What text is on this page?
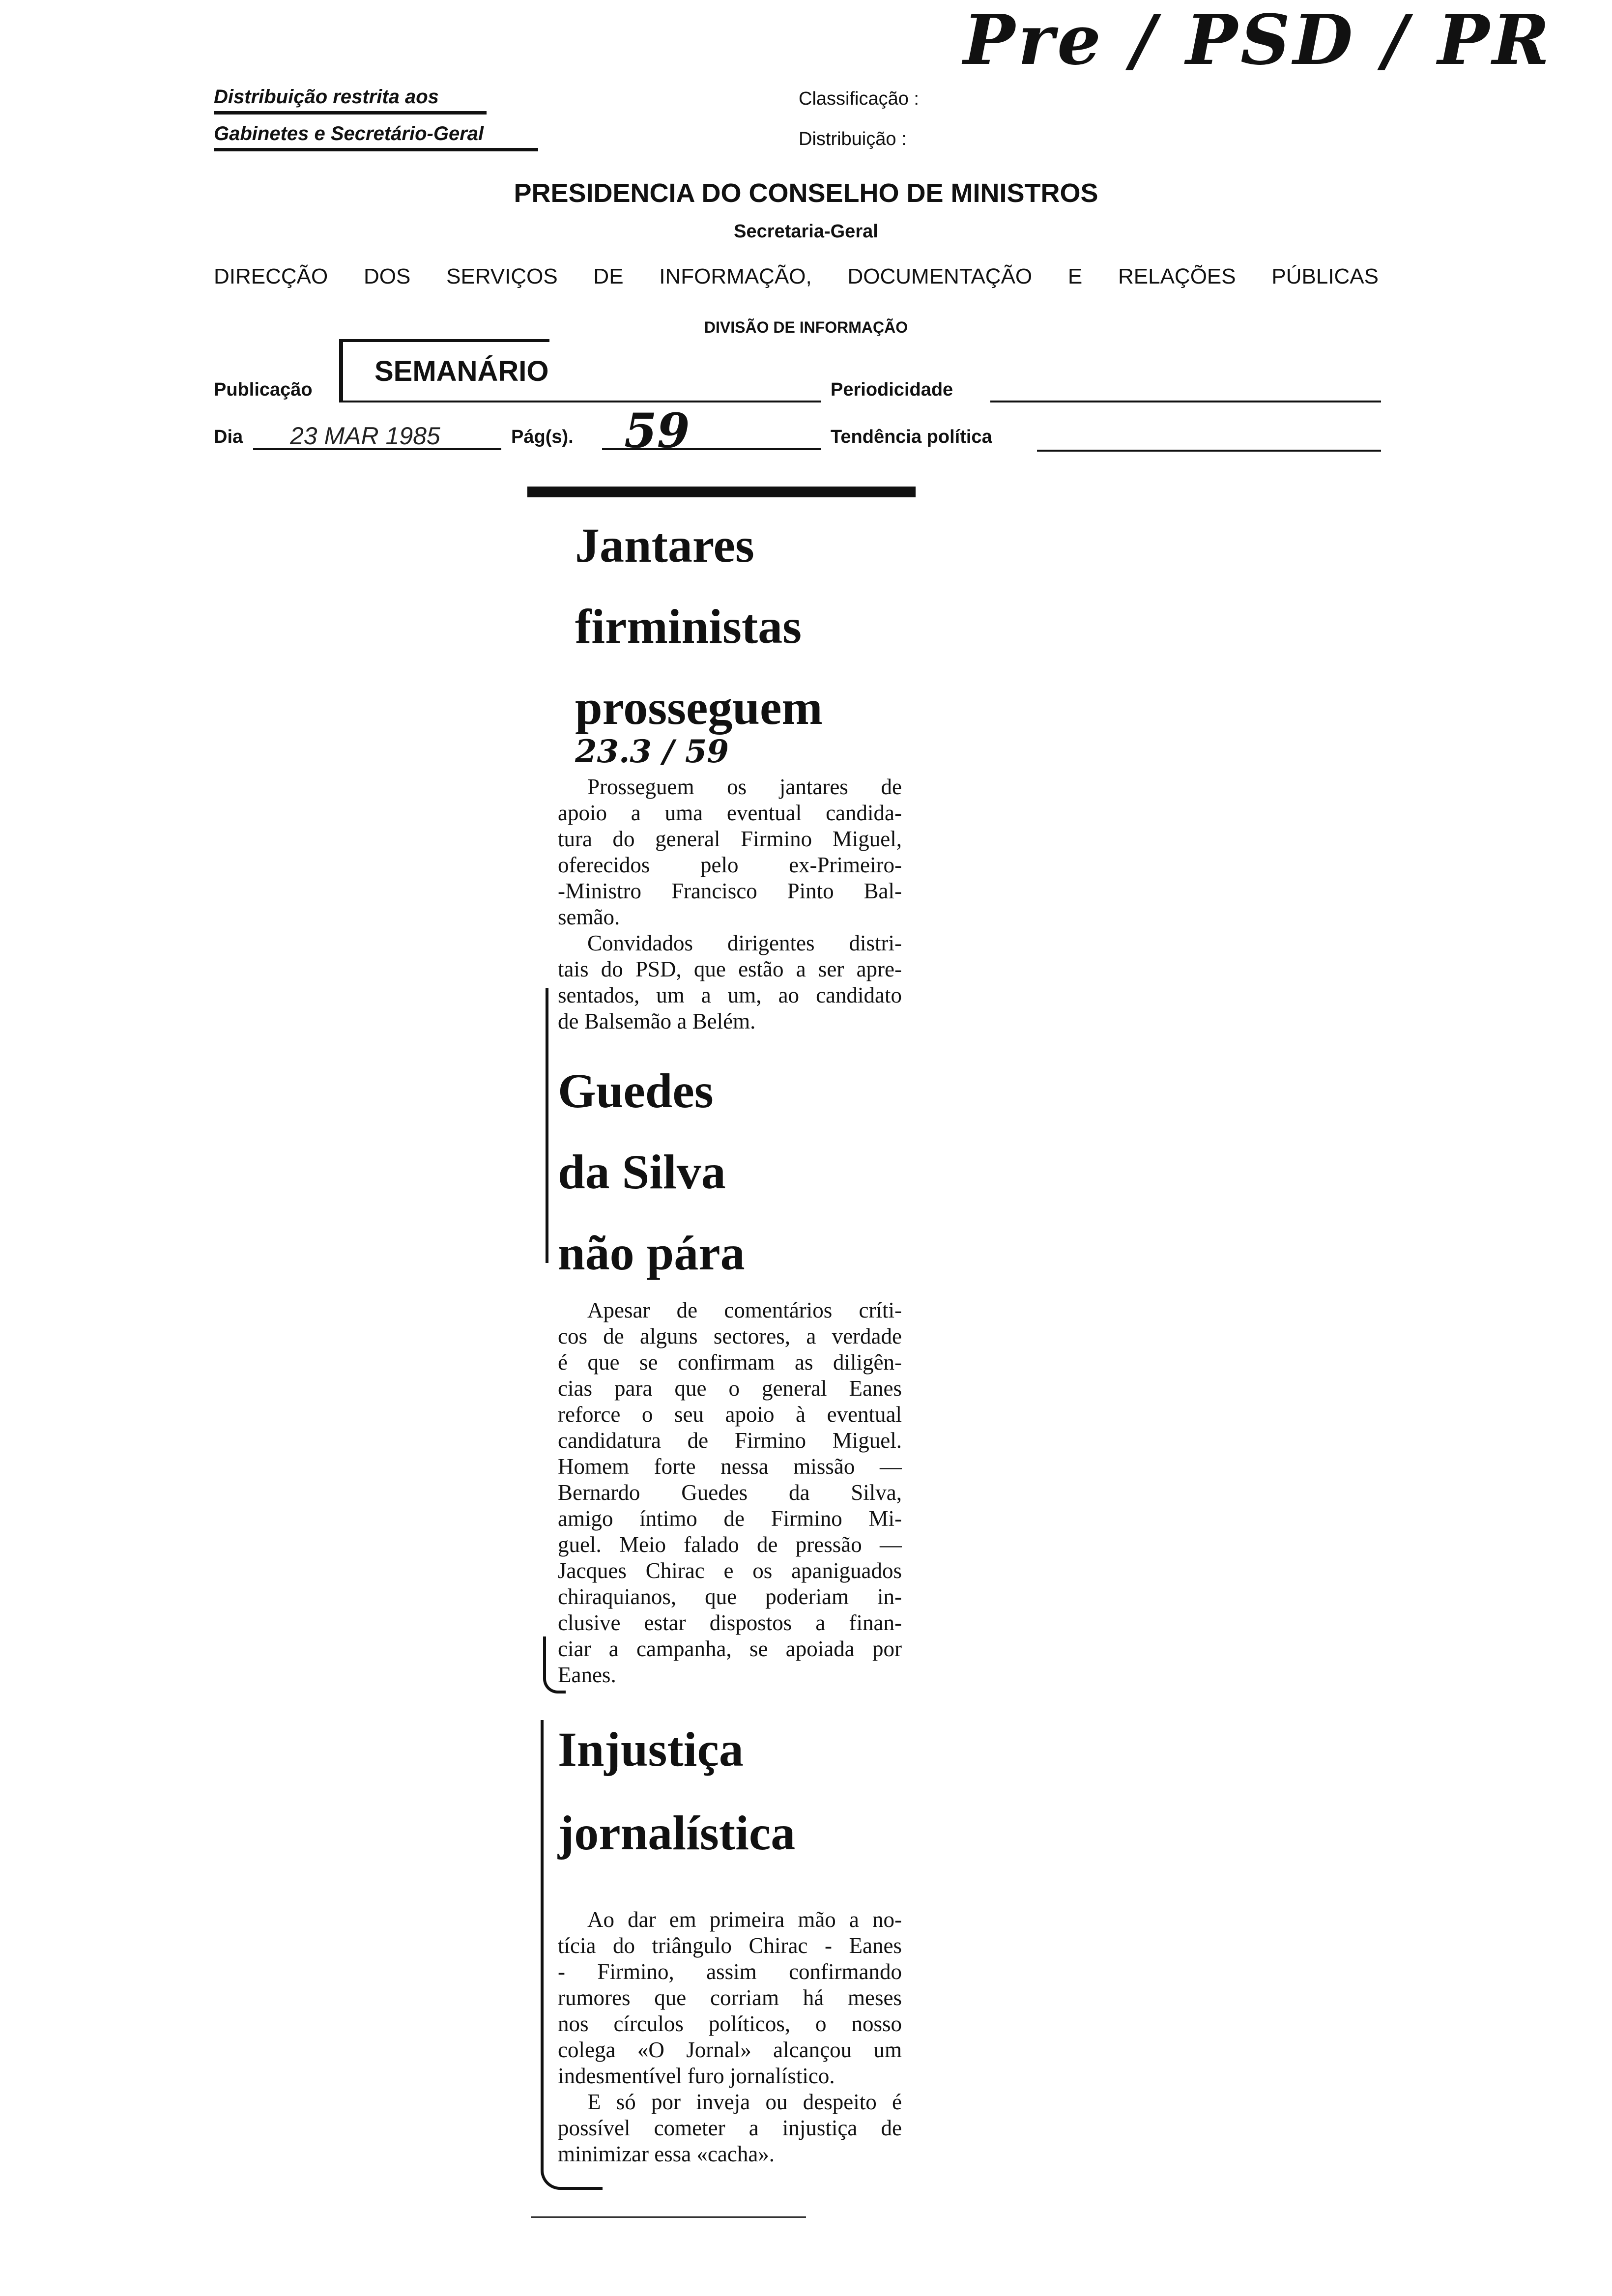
Distribuição restrita aos
Gabinetes e Secretário-Geral
Classificação :
Distribuição :
Pre / PSD / PR
PRESIDENCIA DO CONSELHO DE MINISTROS
Secretaria-Geral
DIRECÇÃO DOS SERVIÇOS DE INFORMAÇÃO, DOCUMENTAÇÃO E RELAÇÕES PÚBLICAS
DIVISÃO DE INFORMAÇÃO
Publicação
SEMANÁRIO
Periodicidade
Dia 23 MAR 1985	Pág(s). 59	Tendência política
Jantares
firministas
prosseguem
Prosseguem os jantares de
apoio a uma eventual candida-
tura do general Firmino Miguel,
oferecidos pelo ex-Primeiro-
-Ministro Francisco Pinto Bal-
semão.
Convidados dirigentes distri-
tais do PSD, que estão a ser apre-
sentados, um a um, ao candidato
de Balsemão a Belém.
Guedes
da Silva
não pára
Apesar de comentários críti-
cos de alguns sectores, a verdade
é que se confirmam as diligên-
cias para que o general Eanes
reforce o seu apoio à eventual
candidatura de Firmino Miguel.
Homem forte nessa missão —
Bernardo Guedes da Silva,
amigo íntimo de Firmino Mi-
guel. Meio falado de pressão —
Jacques Chirac e os apaniguados
chiraquianos, que poderiam in-
clusive estar dispostos a finan-
ciar a campanha, se apoiada por
Eanes.
Injustiça
jornalística
Ao dar em primeira mão a no-
tícia do triângulo Chirac - Eanes
- Firmino, assim confirmando
rumores que corriam há meses
nos círculos políticos, o nosso
colega «O Jornal» alcançou um
indesmentível furo jornalístico.
E só por inveja ou despeito é
possível cometer a injustiça de
minimizar essa «cacha».
23.3 / 59
